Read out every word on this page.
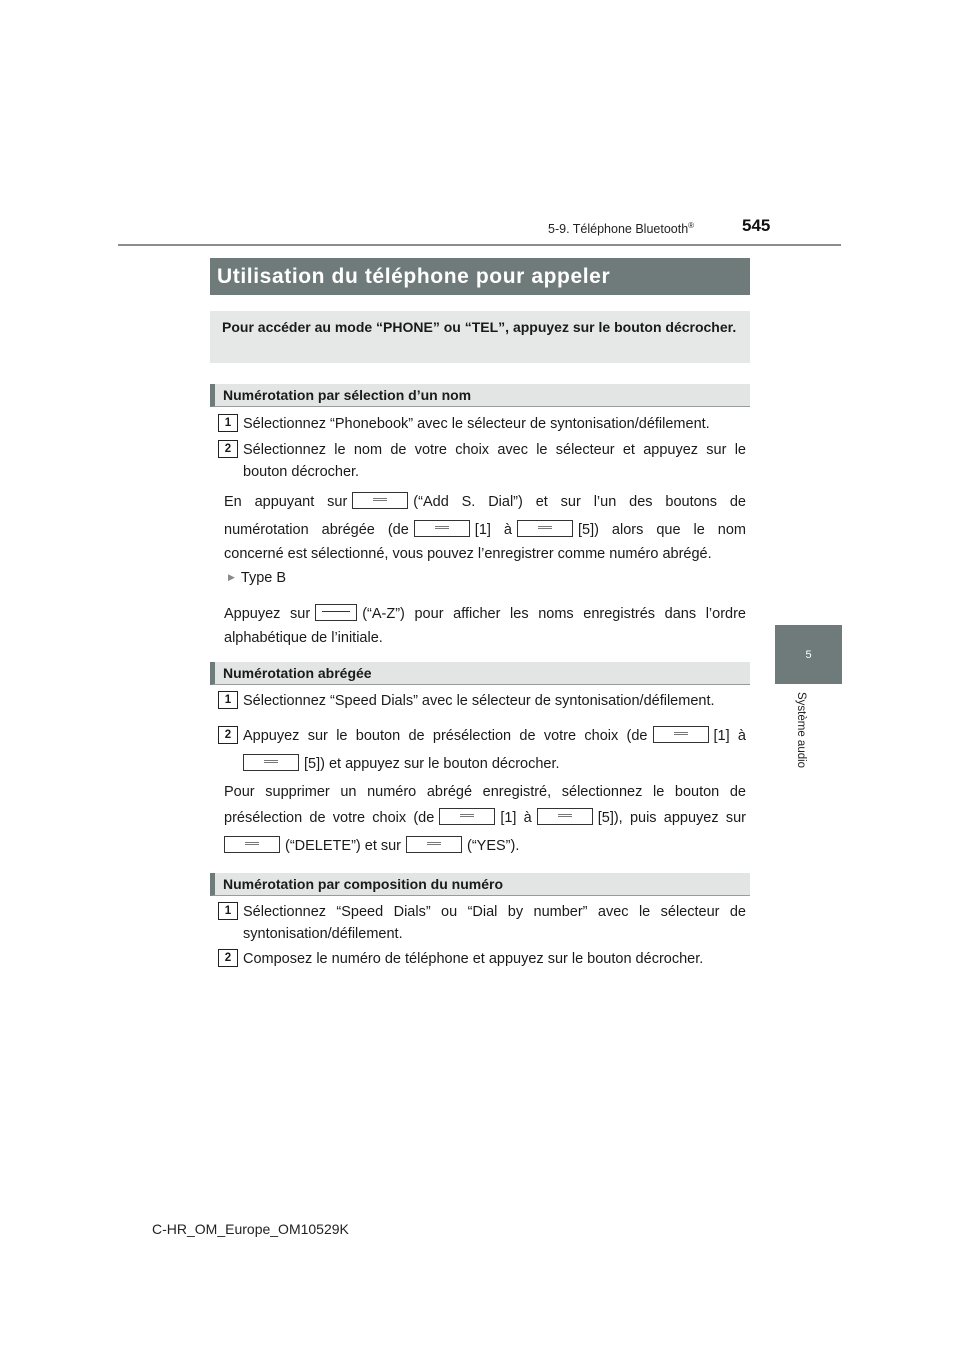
5-9. Téléphone Bluetooth®	545
5
Système audio
Utilisation du téléphone pour appeler
Pour accéder au mode “PHONE” ou “TEL”, appuyez sur le bouton décrocher.
Numérotation par sélection d’un nom
1 Sélectionnez “Phonebook” avec le sélecteur de syntonisation/défilement.
2 Sélectionnez le nom de votre choix avec le sélecteur et appuyez sur le
bouton décrocher.
En appuyant sur	(“Add S. Dial”) et sur l’un des boutons de
numérotation abrégée (de	[1] à	[5]) alors que le nom
concerné est sélectionné, vous pouvez l’enregistrer comme numéro abrégé.
▶ Type B
Appuyez sur	(“A-Z”) pour afficher les noms enregistrés dans l’ordre
alphabétique de l’initiale.
Numérotation abrégée
1 Sélectionnez “Speed Dials” avec le sélecteur de syntonisation/défilement.
2 Appuyez sur le bouton de présélection de votre choix (de	[1] à
[5]) et appuyez sur le bouton décrocher.
Pour supprimer un numéro abrégé enregistré, sélectionnez le bouton de
présélection de votre choix (de	[1] à	[5]), puis appuyez sur
(“DELETE”) et sur	(“YES”).
Numérotation par composition du numéro
1 Sélectionnez “Speed Dials” ou “Dial by number” avec le sélecteur de
syntonisation/défilement.
2 Composez le numéro de téléphone et appuyez sur le bouton décrocher.
C-HR_OM_Europe_OM10529K
